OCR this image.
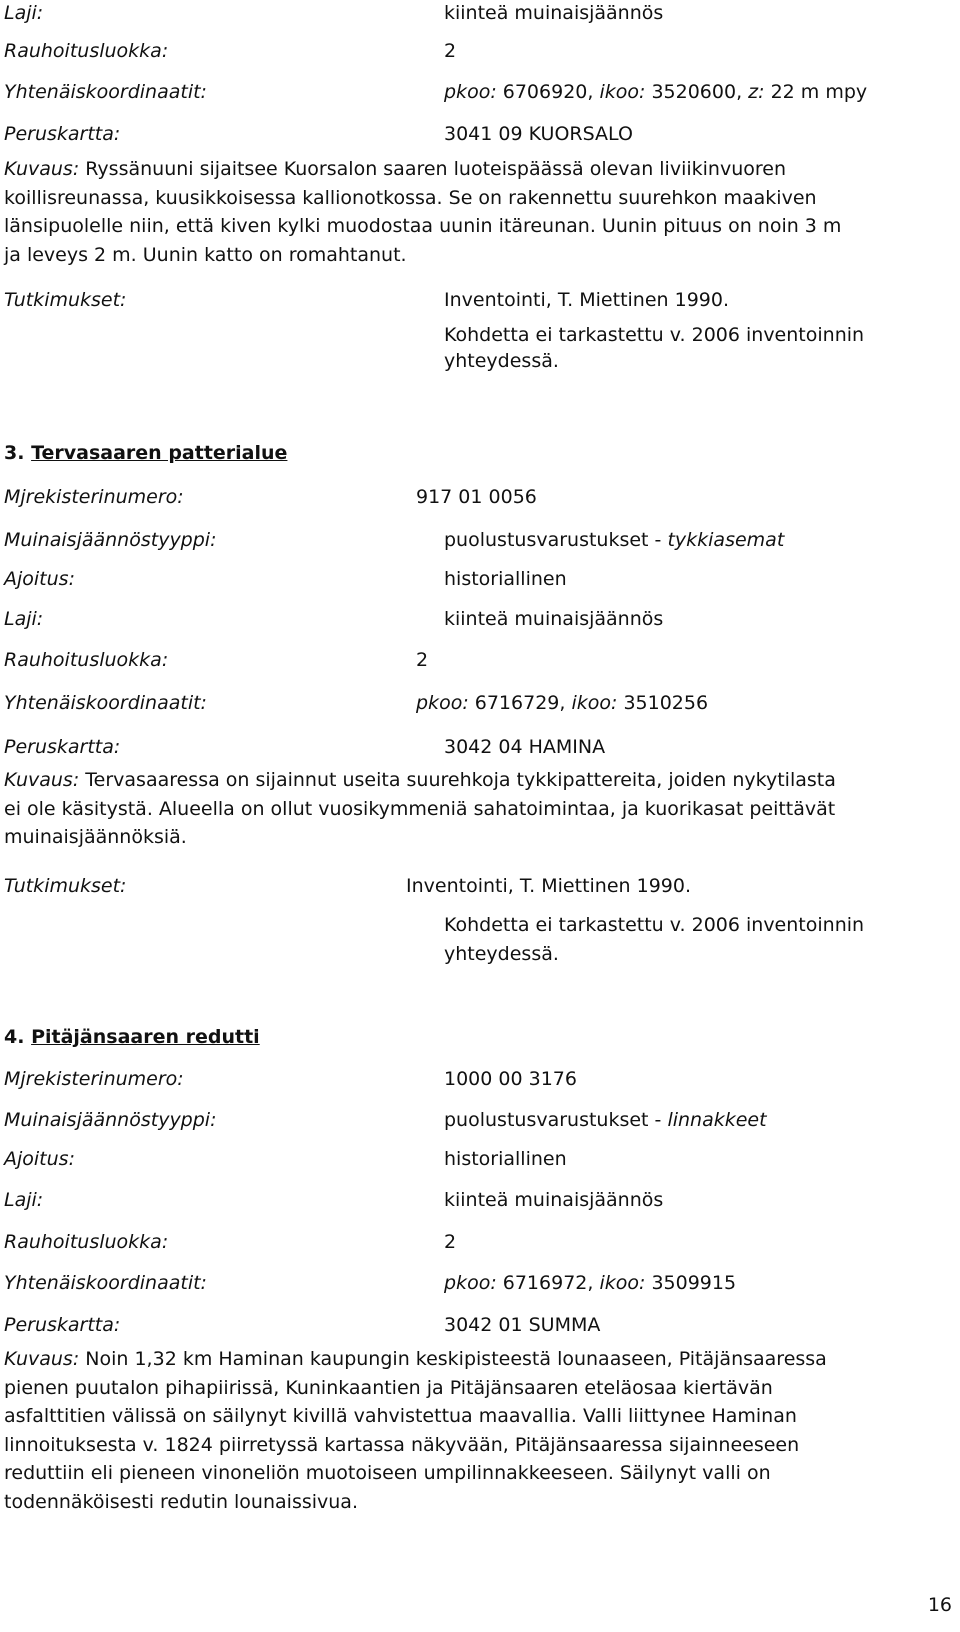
Laji:	kiinteä muinaisjäännös
Rauhoitusluokka:	2
Yhtenäiskoordinaatit:	pkoo: 6706920, ikoo: 3520600, z: 22 m mpy
Peruskartta:	3041 09 KUORSALO
Kuvaus: Ryssänuuni sijaitsee Kuorsalon saaren luoteispäässä olevan liviikinvuoren
koillisreunassa, kuusikkoisessa kallionotkossa. Se on rakennettu suurehkon maakiven
länsipuolelle niin, että kiven kylki muodostaa uunin itäreunan. Uunin pituus on noin 3 m
ja leveys 2 m. Uunin katto on romahtanut.
Tutkimukset:	Inventointi, T. Miettinen 1990.
Kohdetta ei tarkastettu v. 2006 inventoinnin
yhteydessä.
3. Tervasaaren patterialue
Mjrekisterinumero:	917 01 0056
Muinaisjäännöstyyppi:	puolustusvarustukset - tykkiasemat
Ajoitus:	historiallinen
Laji:	kiinteä muinaisjäännös
Rauhoitusluokka:	2
Yhtenäiskoordinaatit:	pkoo: 6716729, ikoo: 3510256
Peruskartta:	3042 04 HAMINA
Kuvaus: Tervasaaressa on sijainnut useita suurehkoja tykkipattereita, joiden nykytilasta
ei ole käsitystä. Alueella on ollut vuosikymmeniä sahatoimintaa, ja kuorikasat peittävät
muinaisjäännöksiä.
Tutkimukset:	Inventointi, T. Miettinen 1990.
Kohdetta ei tarkastettu v. 2006 inventoinnin
yhteydessä.
4. Pitäjänsaaren redutti
Mjrekisterinumero:	1000 00 3176
Muinaisjäännöstyyppi:	puolustusvarustukset - linnakkeet
Ajoitus:	historiallinen
Laji:	kiinteä muinaisjäännös
Rauhoitusluokka:	2
Yhtenäiskoordinaatit:	pkoo: 6716972, ikoo: 3509915
Peruskartta:	3042 01 SUMMA
Kuvaus: Noin 1,32 km Haminan kaupungin keskipisteestä lounaaseen, Pitäjänsaaressa
pienen puutalon pihapiirissä, Kuninkaantien ja Pitäjänsaaren eteläosaa kiertävän
asfalttitien välissä on säilynyt kivillä vahvistettua maavallia. Valli liittynee Haminan
linnoituksesta v. 1824 piirretyssä kartassa näkyvään, Pitäjänsaaressa sijainneeseen
reduttiin eli pieneen vinoneliön muotoiseen umpilinnakkeeseen. Säilynyt valli on
todennäköisesti redutin lounaissivua.
16
